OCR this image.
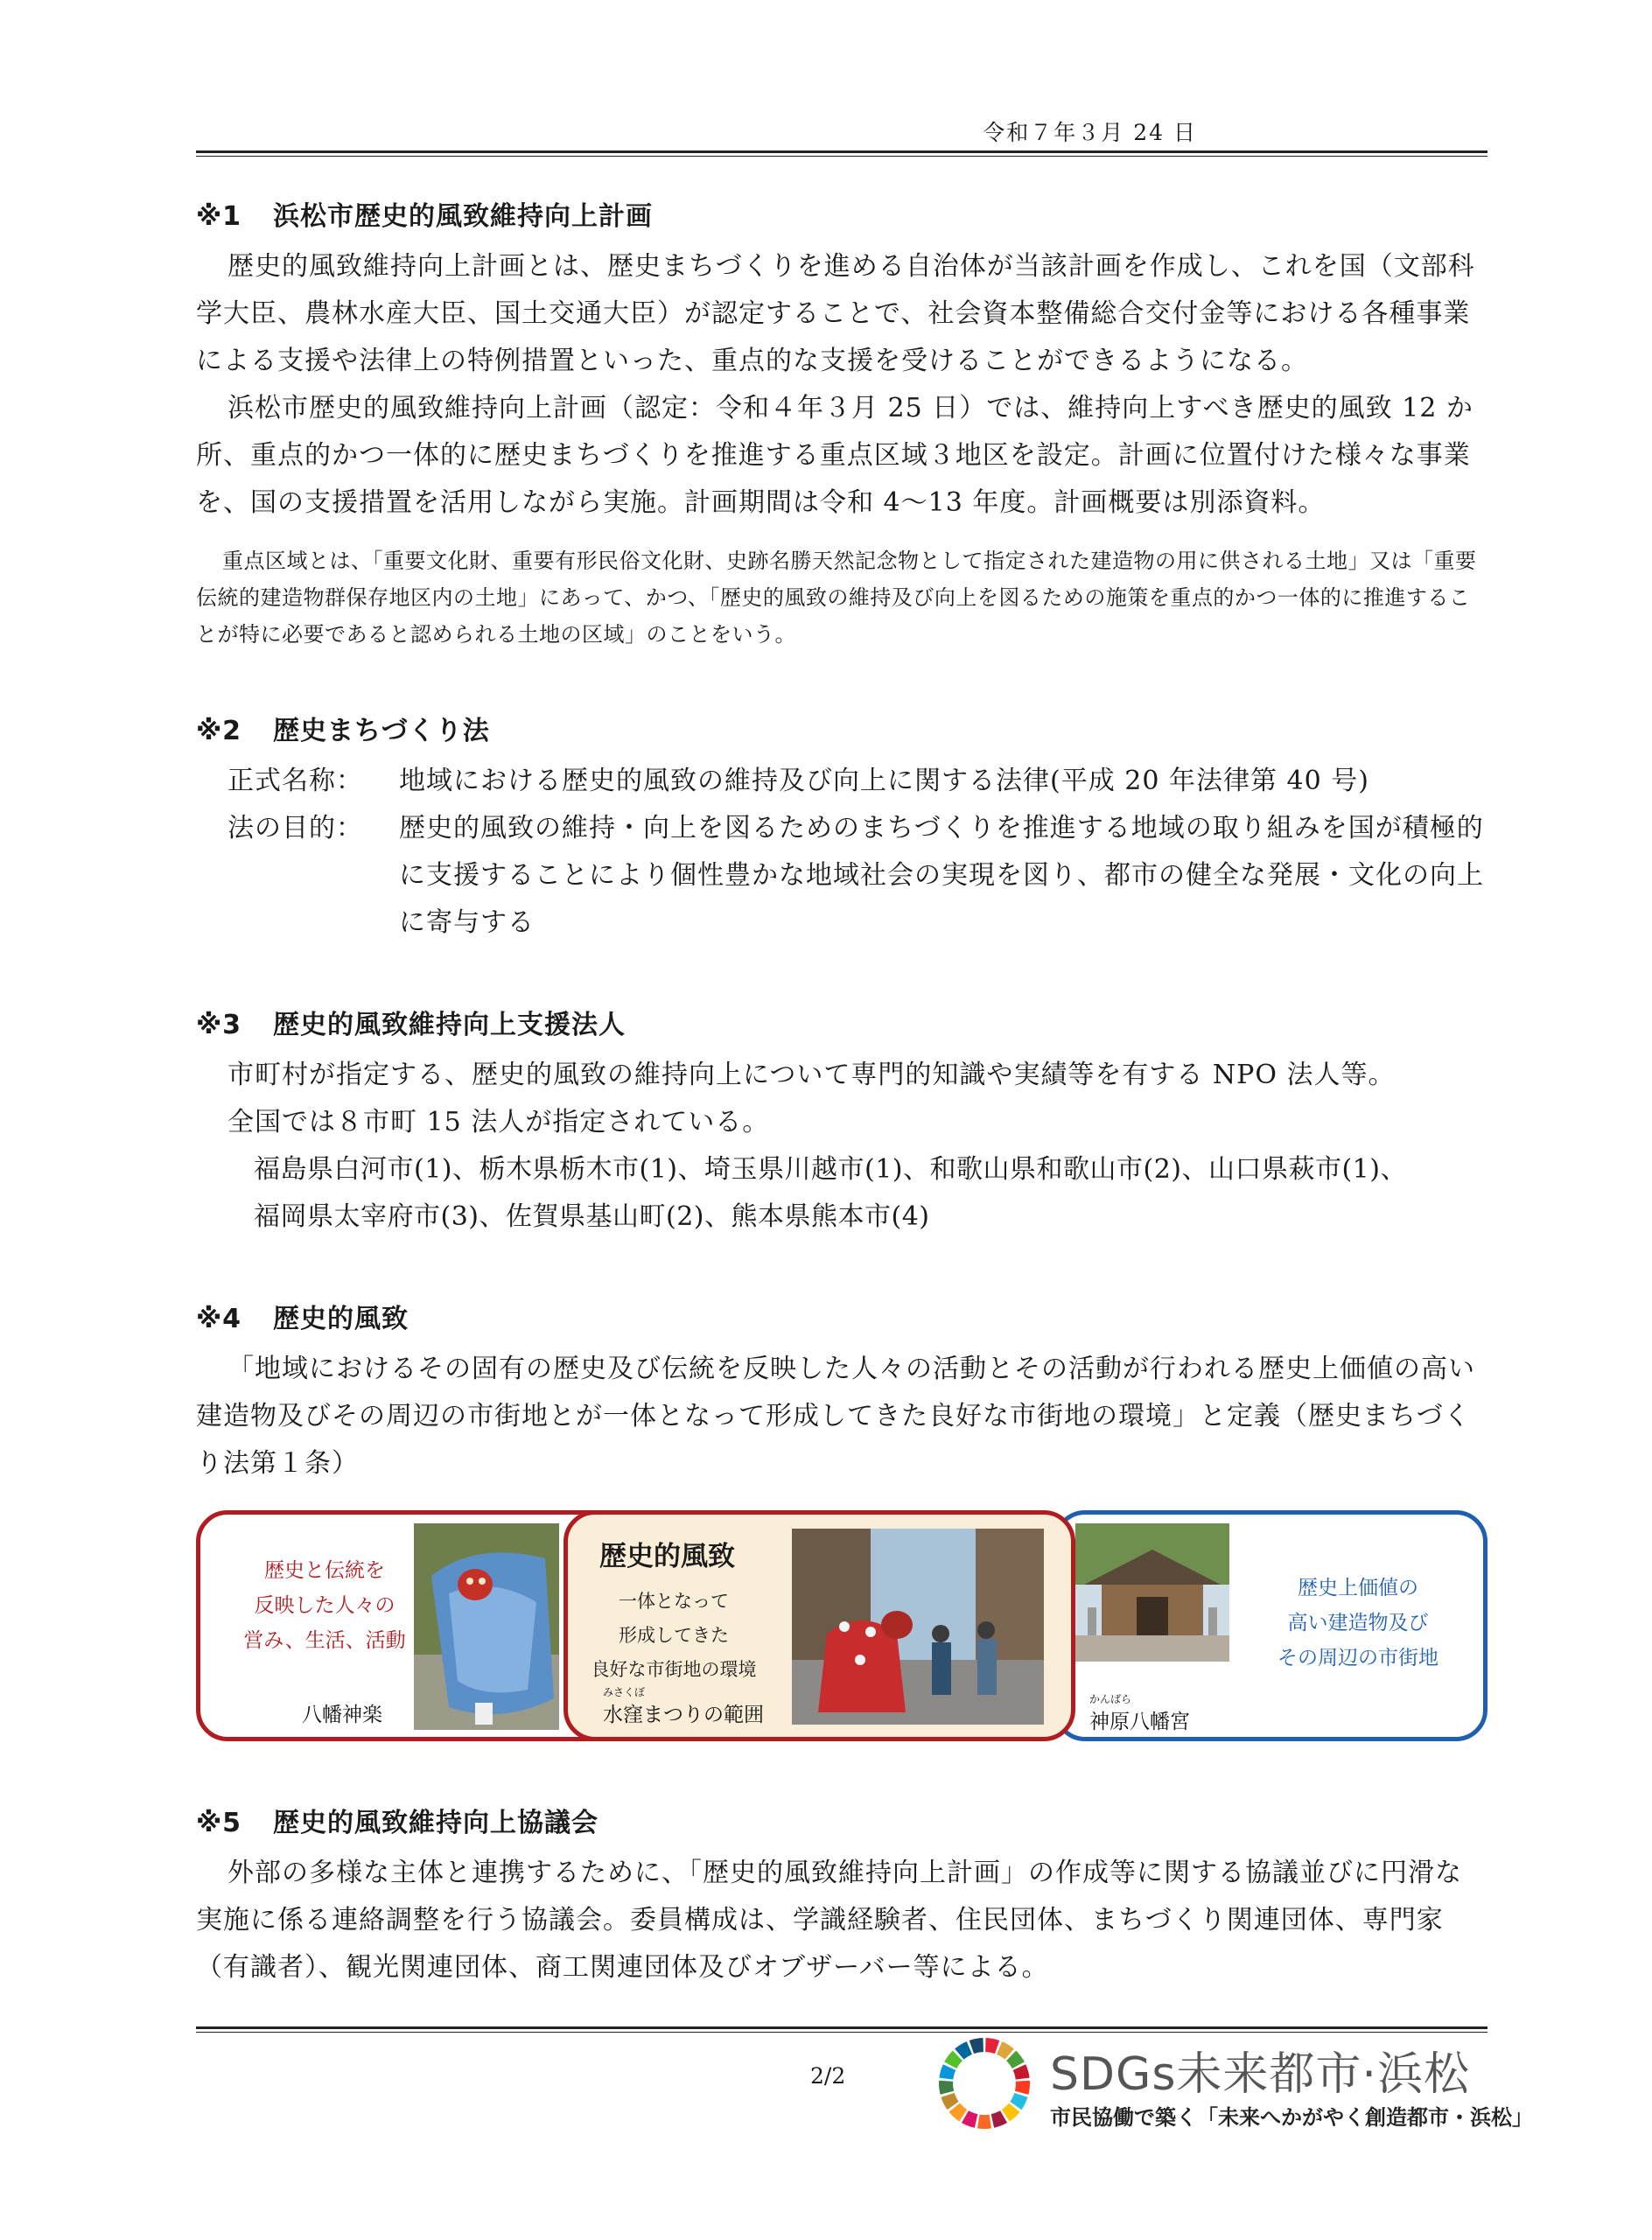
令和７年３月 24 日
※1 浜松市歴史的風致維持向上計画

歴史的風致維持向上計画とは、歴史まちづくりを進める自治体が当該計画を作成し、これを国（文部科学大臣、農林水産大臣、国土交通大臣）が認定することで、社会資本整備総合交付金等における各種事業による支援や法律上の特例措置といった、重点的な支援を受けることができるようになる。

浜松市歴史的風致維持向上計画（認定：令和４年３月 25 日）では、維持向上すべき歴史的風致 12 か所、重点的かつ一体的に歴史まちづくりを推進する重点区域３地区を設定。計画に位置付けた様々な事業を、国の支援措置を活用しながら実施。計画期間は令和 4～13 年度。計画概要は別添資料。

重点区域とは、「重要文化財、重要有形民俗文化財、史跡名勝天然記念物として指定された建造物の用に供される土地」又は「重要伝統的建造物群保存地区内の土地」にあって、かつ、「歴史的風致の維持及び向上を図るための施策を重点的かつ一体的に推進することが特に必要であると認められる土地の区域」のことをいう。

※2 歴史まちづくり法
正式名称：	地域における歴史的風致の維持及び向上に関する法律(平成 20 年法律第 40 号)
法の目的：	歴史的風致の維持・向上を図るためのまちづくりを推進する地域の取り組みを国が積極的に支援することにより個性豊かな地域社会の実現を図り、都市の健全な発展・文化の向上に寄与する
※3 歴史的風致維持向上支援法人
市町村が指定する、歴史的風致の維持向上について専門的知識や実績等を有する NPO 法人等。
全国では８市町 15 法人が指定されている。
福島県白河市(1)、栃木県栃木市(1)、埼玉県川越市(1)、和歌山県和歌山市(2)、山口県萩市(1)、
福岡県太宰府市(3)、佐賀県基山町(2)、熊本県熊本市(4)
※4 歴史的風致

「地域におけるその固有の歴史及び伝統を反映した人々の活動とその活動が行われる歴史上価値の高い建造物及びその周辺の市街地とが一体となって形成してきた良好な市街地の環境」と定義（歴史まちづくり法第１条）

歴史と伝統を
反映した人々の
営み、生活、活動
八幡神楽
かんばら
神原八幡宮
歴史上価値の
高い建造物及び
その周辺の市街地
歴史的風致
一体となって
形成してきた
良好な市街地の環境
みさくぼ
水窪まつりの範囲
※5 歴史的風致維持向上協議会

外部の多様な主体と連携するために、「歴史的風致維持向上計画」の作成等に関する協議並びに円滑な実施に係る連絡調整を行う協議会。委員構成は、学識経験者、住民団体、まちづくり関連団体、専門家（有識者）、観光関連団体、商工関連団体及びオブザーバー等による。

2/2	SDGs未来都市·浜松
市民協働で築く「未来へかがやく創造都市・浜松」
